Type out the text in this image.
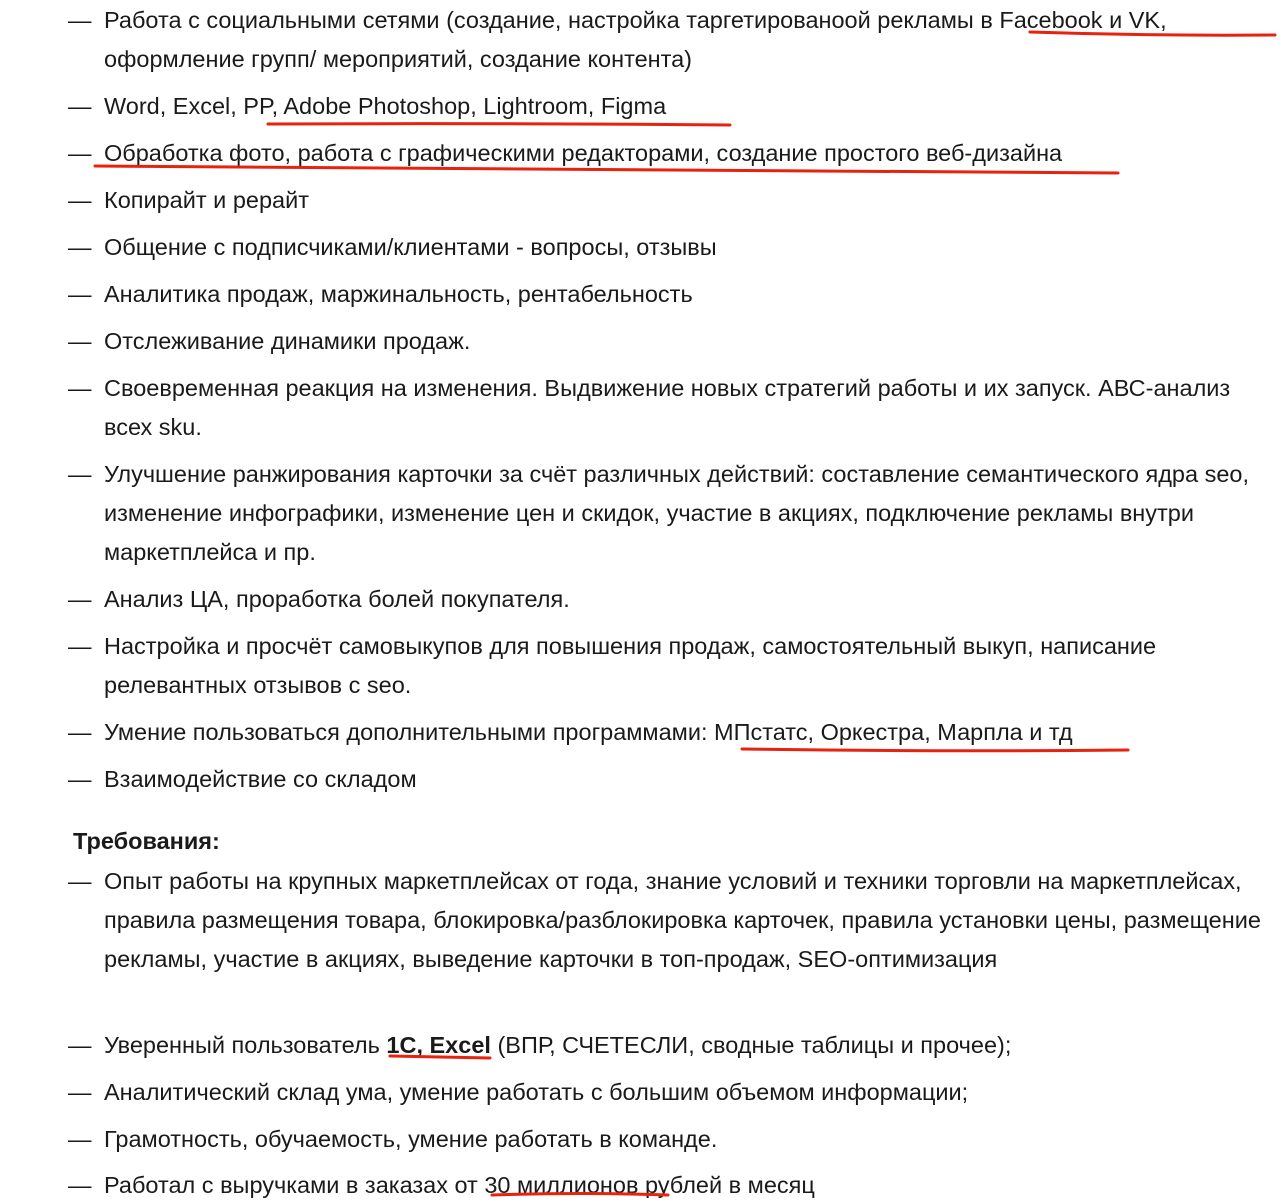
— Работа с социальными сетями (создание, настройка таргетированоой рекламы в Facebook и VK, оформление групп/ мероприятий, создание контента)
— Word, Excel, PP, Adobe Photoshop, Lightroom, Figma
— Обработка фото, работа с графическими редакторами, создание простого веб-дизайна
— Копирайт и рерайт
— Общение с подписчиками/клиентами - вопросы, отзывы
— Аналитика продаж, маржинальность, рентабельность
— Отслеживание динамики продаж.
— Своевременная реакция на изменения. Выдвижение новых стратегий работы и их запуск. АВС-анализ всех sku.
— Улучшение ранжирования карточки за счёт различных действий: составление семантического ядра seo, изменение инфографики, изменение цен и скидок, участие в акциях, подключение рекламы внутри маркетплейса и пр.
— Анализ ЦА, проработка болей покупателя.
— Настройка и просчёт самовыкупов для повышения продаж, самостоятельный выкуп, написание релевантных отзывов с seo.
— Умение пользоваться дополнительными программами: МПстатс, Оркестра, Марпла и тд
— Взаимодействие со складом
Требования:
— Опыт работы на крупных маркетплейсах от года, знание условий и техники торговли на маркетплейсах, правила размещения товара, блокировка/разблокировка карточек, правила установки цены, размещение рекламы, участие в акциях, выведение карточки в топ-продаж, SEO-оптимизация
— Уверенный пользователь 1С, Excel (ВПР, СЧЕТЕСЛИ, сводные таблицы и прочее);
— Аналитический склад ума, умение работать с большим объемом информации;
— Грамотность, обучаемость, умение работать в команде.
— Работал с выручками в заказах от 30 миллионов рублей в месяц
